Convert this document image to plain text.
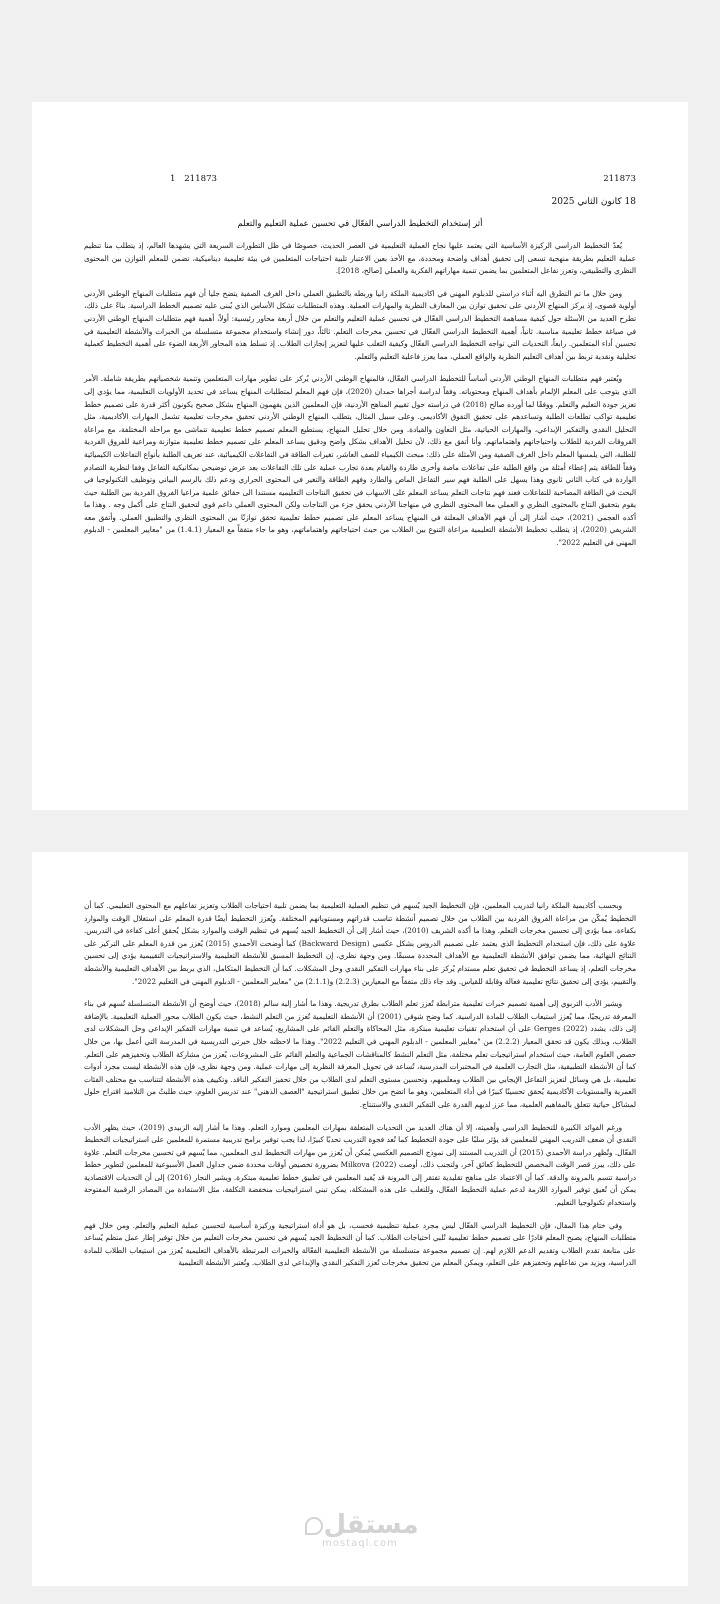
211873
1 211873
18 كانون الثاني 2025
أثر إستخدام التخطيط الدراسي الفعّال في تحسين عملية التعليم والتعلم

يُعدّ التخطيط الدراسي الركيزة الأساسية التي يعتمد عليها نجاح العملية التعليمية في العصر الحديث، خصوصًا في ظل التطورات السريعة التي يشهدها العالم، إذ يتطلب منا تنظيم عملية التعليم بطريقة منهجية تسعى إلى تحقيق أهداف واضحة ومحددة، مع الأخذ بعين الاعتبار تلبية احتياجات المتعلمين في بيئة تعليمية ديناميكية، تضمن للمعلم التوازن بين المحتوى النظري والتطبيقي، وتعزز تفاعل المتعلمين بما يضمن تنمية مهاراتهم الفكرية والعملي [صالح، 2018].

ومن خلال ما تم التطرق اليه أثناء دراستي للدبلوم المهني في اكاديمية الملكة رانيا وربطه بالتطبيق العملي داخل الغرف الصفية يتضح جليا أن فهم متطلبات المنهاج الوطني الأردني أولوية قصوى، إذ يركز المنهاج الأردني على تحقيق توازن بين المعارف النظرية والمهارات العملية. وهذه المتطلبات تشكل الأساس الذي يُبنى عليه تصميم الخطط الدراسية. بناءً على ذلك، تطرح العديد من الأسئلة حول كيفية مساهمة التخطيط الدراسي الفعّال في تحسين عملية التعليم والتعلم من خلال أربعة محاور رئيسية: أولاً، أهمية فهم متطلبات المنهاج الوطني الأردني في صياغة خطط تعليمية مناسبة. ثانياً، أهمية التخطيط الدراسي الفعّال في تحسين مخرجات التعلم. ثالثاً، دور إنشاء واستخدام مجموعة متسلسلة من الخبرات والأنشطة التعليمية في تحسين أداء المتعلمين. رابعاً، التحديات التي تواجه التخطيط الدراسي الفعّال وكيفية التغلب عليها لتعزيز إنجازات الطلاب. إذ تسلط هذه المحاور الأربعة الضوء على أهمية التخطيط كعملية تحليلية ونقدية تربط بين أهداف التعليم النظرية والواقع العملي، مما يعزز فاعلية التعليم والتعلم.

ويُعتبر فهم متطلبات المنهاج الوطني الأردني أساساً للتخطيط الدراسي الفعّال، فالمنهاج الوطني الأردني يُركز على تطوير مهارات المتعلمين وتنمية شخصياتهم بطريقة شاملة. الأمر الذي يتوجب على المعلم الإلمام بأهداف المنهاج ومحتوياته. وفقاً لدراسة أجراها حمدان (2020)، فإن فهم المعلم لمتطلبات المنهاج يساعد في تحديد الأولويات التعليمية، مما يؤدي إلى تعزيز جودة التعليم والتعلم. ووفقًا لما أورده صالح (2018) في دراسته حول تقييم المناهج الأردنية، فإن المعلمين الذين يفهمون المنهاج بشكل صحيح يكونون أكثر قدرة على تصميم خطط تعليمية تواكب تطلعات الطلبة وتساعدهم على تحقيق التفوق الأكاديمي. وعلى سبيل المثال، يتطلب المنهاج الوطني الأردني تحقيق مخرجات تعليمية تشمل المهارات الأكاديمية، مثل التحليل النقدي والتفكير الإبداعي، والمهارات الحياتية، مثل التعاون والقيادة. ومن خلال تحليل المنهاج، يستطيع المعلم تصميم خطط تعليمية تتماشى مع مراحله المختلفة، مع مراعاة الفروقات الفردية للطلاب واحتياجاتهم واهتماماتهم. وأنا أتفق مع ذلك، لأن تحليل الأهداف بشكل واضح ودقيق يساعد المعلم على تصميم خطط تعليمية متوازنة ومراعية للفروق الفردية للطلبة، التي يلمسها المعلم داخل الغرف الصفية ومن الأمثلة على ذلك: مبحث الكيمياء للصف العاشر، تغيرات الطاقة في التفاعلات الكيميائية، عند تعريف الطلبة بأنواع التفاعلات الكيميائية وفقاً للطاقة يتم إعطاء أمثلة من واقع الطلبة على تفاعلات ماصة وأخرى طاردة والقيام بعدة تجارب عملية على تلك التفاعلات بعد عرض توضيحي بمكانيكية التفاعل وفقا لنظرية التصادم الواردة في كتاب الثاني ثانوي وهذا يسهل على الطلبة فهم سير التفاعل الماص والطارد وفهم الطاقة والتغير في المحتوى الحراري ودعم ذلك بالرسم البياني وتوظيف التكنولوجيا في البحث في الطاقة المصاحبة للتفاعلات فعند فهم نتاجات التعلم يساعد المعلم على الاسهاب في تحقيق النتاجات التعليميه مستندا الى حقائق علمية مراعيا الفروق الفردية بين الطلبة حيث يقوم بتحقيق النتاج بالمحتوى النظري و العملي معا المحتوى النظري في منهاجنا الأردني يحقق جزء من النتاجات ولكن المحتوى العملي داعم قوي لتحقيق النتاج على أكمل وجه . وهذا ما أكده العجمي (2021)، حيث أشار إلى أن فهم الأهداف المعلنة في المنهاج يساعد المعلم على تصميم خطط تعليمية تحقق توازنًا بين المحتوى النظري والتطبيق العملي. وأتفق معه الشريفي (2020)، إذ يتطلب تخطيط الأنشطة التعليمية مراعاة التنوع بين الطلاب من حيث احتياجاتهم واهتماماتهم، وهو ما جاء متفقاً مع المعيار (1.4.1) من "معايير المعلمين - الدبلوم المهني في التعليم 2022".

وبحسب أكاديمية الملكة رانيا لتدريب المعلمين، فإن التخطيط الجيد يُسهم في تنظيم العملية التعليمية بما يضمن تلبية احتياجات الطلاب وتعزيز تفاعلهم مع المحتوى التعليمي. كما أن التخطيط يُمكّن من مراعاة الفروق الفردية بين الطلاب من خلال تصميم أنشطة تناسب قدراتهم ومستوياتهم المختلفة. ويُعزز التخطيط أيضًا قدرة المعلم على استغلال الوقت والموارد بكفاءة، مما يؤدي إلى تحسين مخرجات التعلم. وهذا ما أكده الشريف (2010)، حيث أشار إلى أن التخطيط الجيد يُسهم في تنظيم الوقت والموارد بشكل يُحقق أعلى كفاءة في التدريس. علاوة على ذلك، فإن استخدام التخطيط الذي يعتمد على تصميم الدروس بشكل عكسي (Backward Design) كما أوضحت الأحمدي (2015) يُعزز من قدرة المعلم على التركيز على النتائج النهائية، مما يضمن توافق الأنشطة التعليمية مع الأهداف المحددة مسبقًا. ومن وجهة نظري، إن التخطيط المسبق للأنشطة التعليمية والاستراتيجيات التقييمية يؤدي إلى تحسين مخرجات التعلم، إذ يساعد التخطيط في تحقيق تعلم مستدام يُركز على بناء مهارات التفكير النقدي وحل المشكلات. كما أن التخطيط المتكامل، الذي يربط بين الأهداف التعليمية والأنشطة والتقييم، يؤدي إلى تحقيق نتائج تعليمية فعالة وقابلة للقياس. وقد جاء ذلك متفقاً مع المعيارين (2.2.3) و(2.1.1) من "معايير المعلمين - الدبلوم المهني في التعليم 2022".

ويشير الأدب التربوي إلى أهمية تصميم خبرات تعليمية مترابطة تُعزز تعلم الطلاب بطرق تدريجية. وهذا ما أشار إليه سالم (2018)، حيث أوضح أن الأنشطة المتسلسلة تُسهم في بناء المعرفة تدريجيًا، مما يُعزز استيعاب الطلاب للمادة الدراسية. كما وضح شوقي (2001) أن الأنشطة التعليمية تُعزز من التعلم النشط، حيث يكون الطلاب محور العملية التعليمية. بالإضافة إلى ذلك، يشدد Gerges (2022) على أن استخدام تقنيات تعليمية مبتكرة، مثل المحاكاة والتعلم القائم على المشاريع، يُساعد في تنمية مهارات التفكير الإبداعي وحل المشكلات لدى الطلاب، وبذلك يكون قد تحقق المعيار (2.2.2) من "معايير المعلمين - الدبلوم المهني في التعليم 2022". وهذا ما لاحظته خلال خبرتي التدريسية في المدرسة التي أعمل بها، من خلال حصص العلوم العامة، حيث استخدام استراتيجيات تعلم مختلفة، مثل التعلم النشط كالمناقشات الجماعية والتعلم القائم على المشروعات، يُعزز من مشاركة الطلاب وتحفيزهم على التعلم. كما أن الأنشطة التطبيقية، مثل التجارب العلمية في المختبرات المدرسية، تُساعد في تحويل المعرفة النظرية إلى مهارات عملية. ومن وجهة نظري، فإن هذه الأنشطة ليست مجرد أدوات تعليمية، بل هي وسائل لتعزيز التفاعل الإيجابي بين الطلاب ومعلميهم، وتحسين مستوى التعلم لدى الطلاب من خلال تحفيز التفكير الناقد. وتكييف هذه الأنشطة لتتناسب مع مختلف الفئات العمرية والمستويات الأكاديمية يُحقق تحسينًا كبيرًا في أداء المتعلمين، وهو ما اتضح من خلال تطبيق استراتيجية "العصف الذهني" عند تدريس العلوم، حيث طلبتُ من التلاميذ اقتراح حلول لمشاكل حياتية تتعلق بالمفاهيم العلمية، مما عزز لديهم القدرة على التفكير النقدي والاستنتاج.

ورغم الفوائد الكبيرة للتخطيط الدراسي وأهميته، إلا أن هناك العديد من التحديات المتعلقة بمهارات المعلمين وموارد التعلم. وهذا ما أشار إليه الزبيدي (2019)، حيث يظهر الأدب النقدي أن ضعف التدريب المهني للمعلمين قد يؤثر سلبًا على جودة التخطيط كما تُعد فجوة التدريب تحديًا كبيرًا، لذا يجب توفير برامج تدريبية مستمرة للمعلمين على استراتيجيات التخطيط الفعّال. وتُظهر دراسة الأحمدي (2015) أن التدريب المستند إلى نموذج التصميم العكسي يُمكن أن يُعزز من مهارات التخطيط لدى المعلمين، مما يُسهم في تحسين مخرجات التعلم. علاوة على ذلك، يبرز قصر الوقت المخصص للتخطيط كعائق آخر، ولتجنب ذلك، أوصت Milkova (2022) بضرورة تخصيص أوقات محددة ضمن جداول العمل الأسبوعية للمعلمين لتطوير خطط دراسية تتسم بالمرونة والدقة. كما أن الاعتماد على مناهج تقليدية تفتقر إلى المرونة قد يُقيد المعلمين في تطبيق خطط تعليمية مبتكرة. ويشير النجار (2016) إلى أن التحديات الاقتصادية يمكن أن تُعيق توفير الموارد اللازمة لدعم عملية التخطيط الفعّال، وللتغلب على هذه المشكلة، يمكن تبني استراتيجيات منخفضة التكلفة، مثل الاستفادة من المصادر الرقمية المفتوحة واستخدام تكنولوجيا التعليم.

وفي ختام هذا المقال، فإن التخطيط الدراسي الفعّال ليس مجرد عملية تنظيمية فحسب، بل هو أداة استراتيجية وركيزة أساسية لتحسين عملية التعليم والتعلم. ومن خلال فهم متطلبات المنهاج، يصبح المعلم قادرًا على تصميم خطط تعليمية تُلبي احتياجات الطلاب. كما أن التخطيط الجيد يُسهم في تحسين مخرجات التعليم من خلال توفير إطار عمل منظم يُساعد على متابعة تقدم الطلاب وتقديم الدعم اللازم لهم. إن تصميم مجموعة متسلسلة من الأنشطة التعليمية الفعّالة والخبرات المرتبطة بالأهداف التعليمية يُعزز من استيعاب الطلاب للمادة الدراسية، ويزيد من تفاعلهم وتحفيزهم على التعلم، ويمكن المعلم من تحقيق مخرجات تُعزز التفكير النقدي والإبداعي لدى الطلاب. وتُعتبر الأنشطة التعليمية

مستقل
mostaql.com
